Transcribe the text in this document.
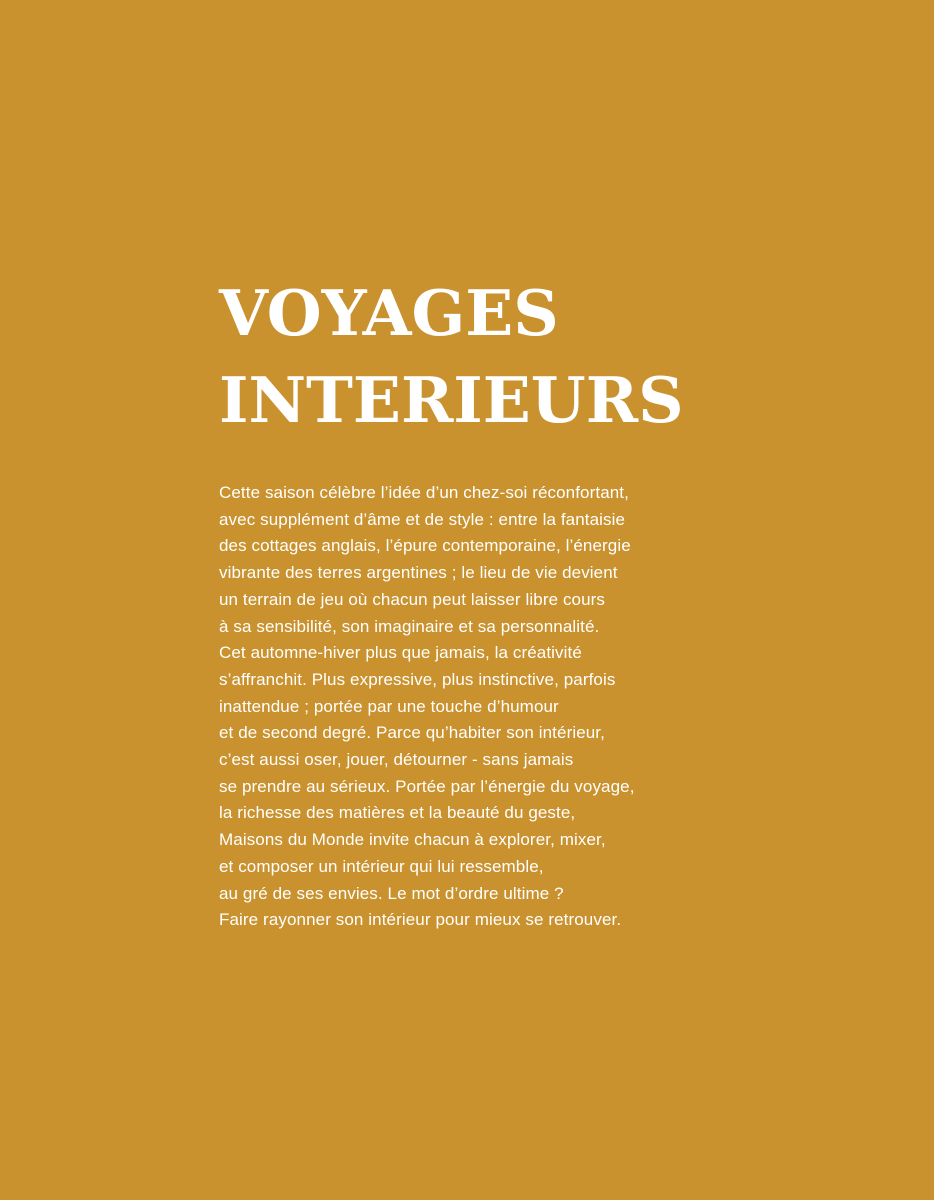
VOYAGES
INTERIEURS
Cette saison célèbre l’idée d’un chez-soi réconfortant,
avec supplément d’âme et de style : entre la fantaisie
des cottages anglais, l’épure contemporaine, l’énergie
vibrante des terres argentines ; le lieu de vie devient
un terrain de jeu où chacun peut laisser libre cours
à sa sensibilité, son imaginaire et sa personnalité.
Cet automne-hiver plus que jamais, la créativité
s’affranchit. Plus expressive, plus instinctive, parfois
inattendue ; portée par une touche d’humour
et de second degré. Parce qu’habiter son intérieur,
c’est aussi oser, jouer, détourner - sans jamais
se prendre au sérieux. Portée par l’énergie du voyage,
la richesse des matières et la beauté du geste,
Maisons du Monde invite chacun à explorer, mixer,
et composer un intérieur qui lui ressemble,
au gré de ses envies. Le mot d’ordre ultime ?
Faire rayonner son intérieur pour mieux se retrouver.
